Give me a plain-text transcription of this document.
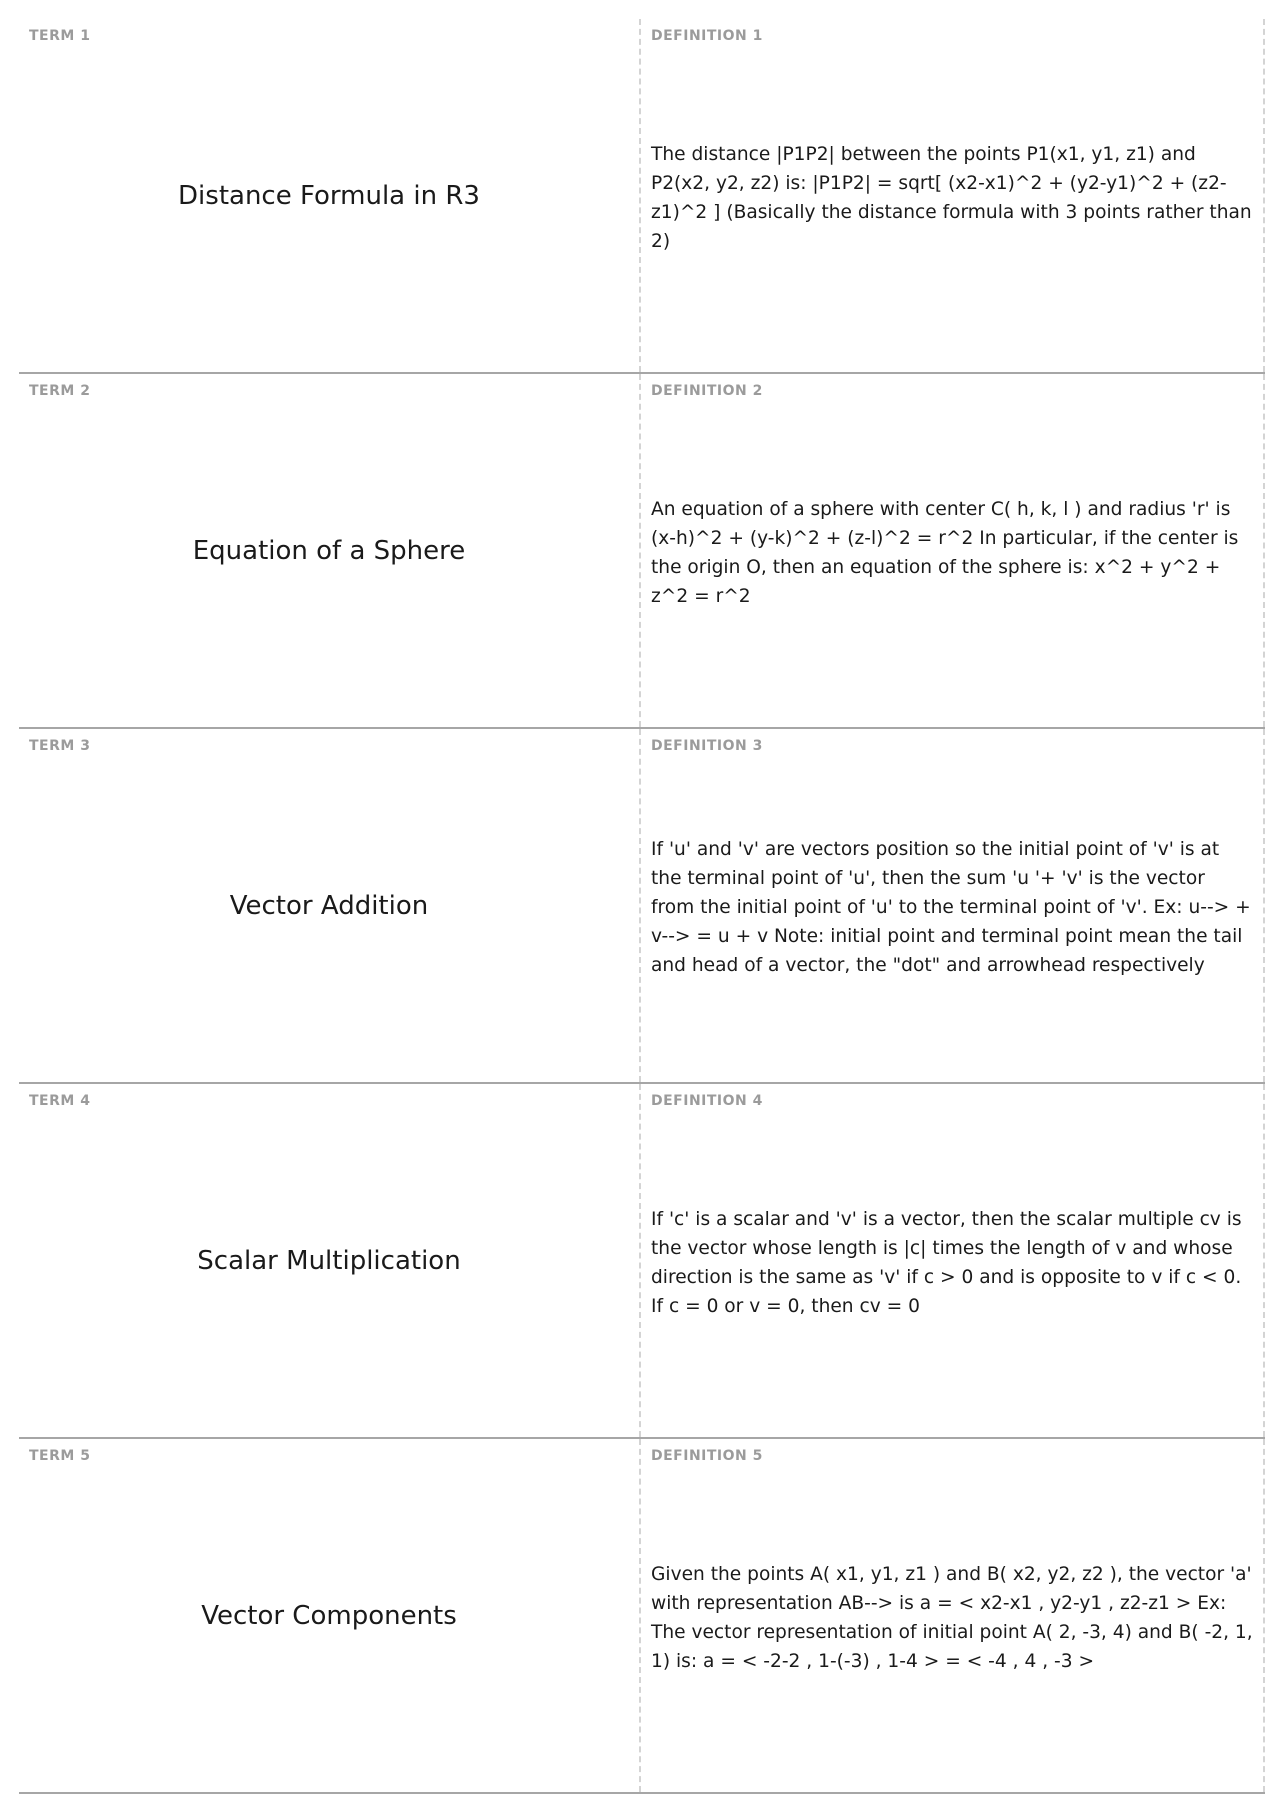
TERM 1
Distance Formula in R3
DEFINITION 1
The distance |P1P2| between the points P1(x1, y1, z1) and P2(x2, y2, z2) is: |P1P2| = sqrt[ (x2-x1)^2 + (y2-y1)^2 + (z2-z1)^2 ] (Basically the distance formula with 3 points rather than 2)
TERM 2
Equation of a Sphere
DEFINITION 2
An equation of a sphere with center C( h, k, l ) and radius 'r' is (x-h)^2 + (y-k)^2 + (z-l)^2 = r^2 In particular, if the center is the origin O, then an equation of the sphere is: x^2 + y^2 + z^2 = r^2
TERM 3
Vector Addition
DEFINITION 3
If 'u' and 'v' are vectors position so the initial point of 'v' is at the terminal point of 'u', then the sum 'u '+ 'v' is the vector from the initial point of 'u' to the terminal point of 'v'. Ex: u--> + v--> = u + v Note: initial point and terminal point mean the tail and head of a vector, the "dot" and arrowhead respectively
TERM 4
Scalar Multiplication
DEFINITION 4
If 'c' is a scalar and 'v' is a vector, then the scalar multiple cv is the vector whose length is |c| times the length of v and whose direction is the same as 'v' if c > 0 and is opposite to v if c < 0. If c = 0 or v = 0, then cv = 0
TERM 5
Vector Components
DEFINITION 5
Given the points A( x1, y1, z1 ) and B( x2, y2, z2 ), the vector 'a' with representation AB--> is a = < x2-x1 , y2-y1 , z2-z1 > Ex: The vector representation of initial point A( 2, -3, 4) and B( -2, 1, 1) is: a = < -2-2 , 1-(-3) , 1-4 > = < -4 , 4 , -3 >
